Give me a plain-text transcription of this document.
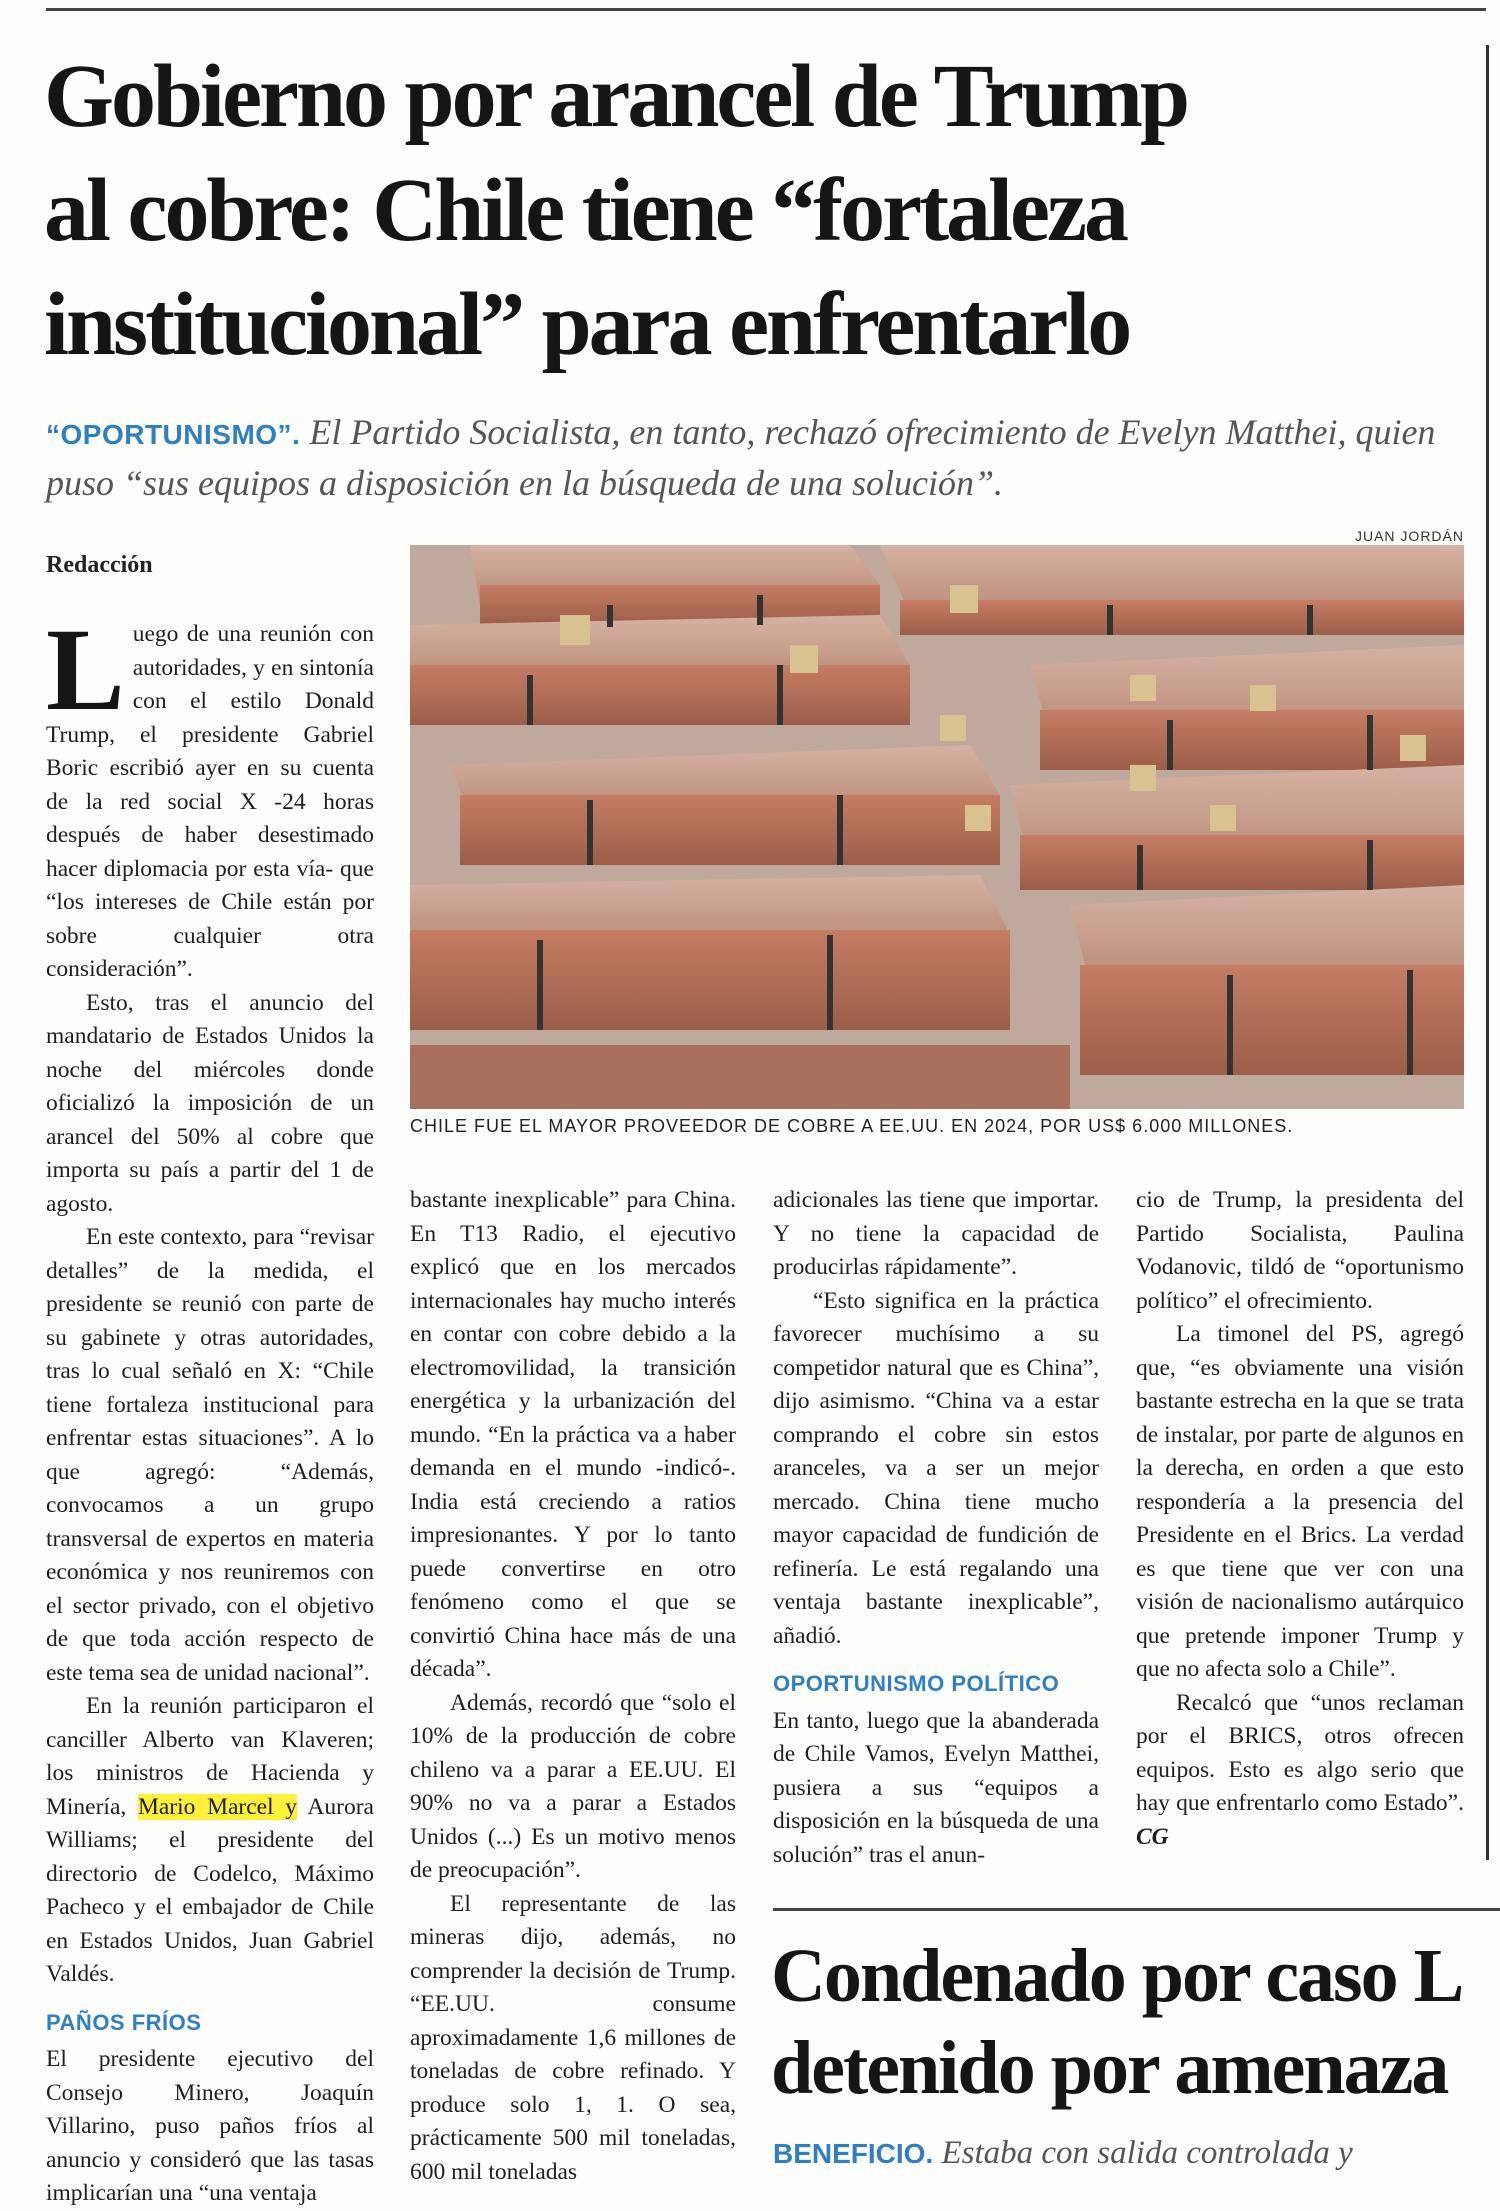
Gobierno por arancel de Trump
al cobre: Chile tiene “fortaleza
institucional” para enfrentarlo

“OPORTUNISMO”. El Partido Socialista, en tanto, rechazó ofrecimiento de Evelyn Matthei, quien puso “sus equipos a disposición en la búsqueda de una solución”.

JUAN JORDÁN
Redacción
CHILE FUE EL MAYOR PROVEEDOR DE COBRE A EE.UU. EN 2024, POR US$ 6.000 MILLONES.

Luego de una reunión con autoridades, y en sintonía con el estilo Donald Trump, el presidente Gabriel Boric escribió ayer en su cuenta de la red social X -24 horas después de haber desestimado hacer diplomacia por esta vía- que “los intereses de Chile están por sobre cualquier otra consideración”.

Esto, tras el anuncio del mandatario de Estados Unidos la noche del miércoles donde oficializó la imposición de un arancel del 50% al cobre que importa su país a partir del 1 de agosto.

En este contexto, para “revisar detalles” de la medida, el presidente se reunió con parte de su gabinete y otras autoridades, tras lo cual señaló en X: “Chile tiene fortaleza institucional para enfrentar estas situaciones”. A lo que agregó: “Además, convocamos a un grupo transversal de expertos en materia económica y nos reuniremos con el sector privado, con el objetivo de que toda acción respecto de este tema sea de unidad nacional”.

En la reunión participaron el canciller Alberto van Klaveren; los ministros de Hacienda y Minería, Mario Marcel y Aurora Williams; el presidente del directorio de Codelco, Máximo Pacheco y el embajador de Chile en Estados Unidos, Juan Gabriel Valdés.

PAÑOS FRÍOS

El presidente ejecutivo del Consejo Minero, Joaquín Villarino, puso paños fríos al anuncio y consideró que las tasas implicarían una “una ventaja

bastante inexplicable” para China. En T13 Radio, el ejecutivo explicó que en los mercados internacionales hay mucho interés en contar con cobre debido a la electromovilidad, la transición energética y la urbanización del mundo. “En la práctica va a haber demanda en el mundo -indicó-. India está creciendo a ratios impresionantes. Y por lo tanto puede convertirse en otro fenómeno como el que se convirtió China hace más de una década”.

Además, recordó que “solo el 10% de la producción de cobre chileno va a parar a EE.UU. El 90% no va a parar a Estados Unidos (...) Es un motivo menos de preocupación”.

El representante de las mineras dijo, además, no comprender la decisión de Trump. “EE.UU. consume aproximadamente 1,6 millones de toneladas de cobre refinado. Y produce solo 1, 1. O sea, prácticamente 500 mil toneladas, 600 mil toneladas

adicionales las tiene que importar. Y no tiene la capacidad de producirlas rápidamente”.

“Esto significa en la práctica favorecer muchísimo a su competidor natural que es China”, dijo asimismo. “China va a estar comprando el cobre sin estos aranceles, va a ser un mejor mercado. China tiene mucho mayor capacidad de fundición de refinería. Le está regalando una ventaja bastante inexplicable”, añadió.

OPORTUNISMO POLÍTICO

En tanto, luego que la abanderada de Chile Vamos, Evelyn Matthei, pusiera a sus “equipos a disposición en la búsqueda de una solución” tras el anun-

cio de Trump, la presidenta del Partido Socialista, Paulina Vodanovic, tildó de “oportunismo político” el ofrecimiento.

La timonel del PS, agregó que, “es obviamente una visión bastante estrecha en la que se trata de instalar, por parte de algunos en la derecha, en orden a que esto respondería a la presencia del Presidente en el Brics. La verdad es que tiene que ver con una visión de nacionalismo autárquico que pretende imponer Trump y que no afecta solo a Chile”.

Recalcó que “unos reclaman por el BRICS, otros ofrecen equipos. Esto es algo serio que hay que enfrentarlo como Estado”. CG

Condenado por caso L
detenido por amenaza
BENEFICIO. Estaba con salida controlada y
